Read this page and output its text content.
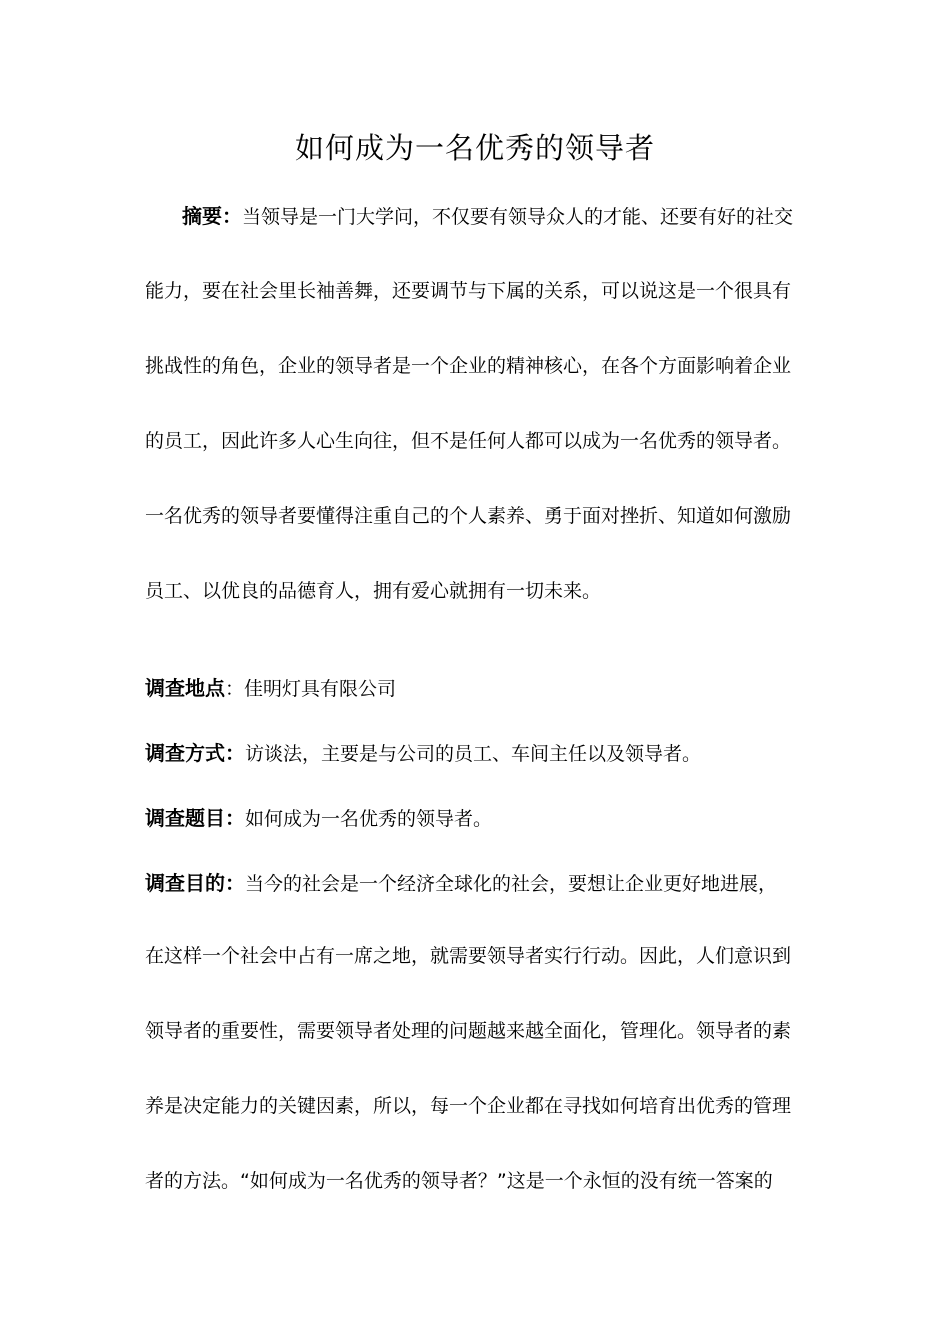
如何成为一名优秀的领导者
摘要：当领导是一门大学问，不仅要有领导众人的才能、还要有好的社交
能力，要在社会里长袖善舞，还要调节与下属的关系，可以说这是一个很具有
挑战性的角色，企业的领导者是一个企业的精神核心，在各个方面影响着企业
的员工，因此许多人心生向往，但不是任何人都可以成为一名优秀的领导者。
一名优秀的领导者要懂得注重自己的个人素养、勇于面对挫折、知道如何激励
员工、以优良的品德育人，拥有爱心就拥有一切未来。
调查地点：佳明灯具有限公司
调查方式：访谈法，主要是与公司的员工、车间主任以及领导者。
调查题目：如何成为一名优秀的领导者。
调查目的：当今的社会是一个经济全球化的社会，要想让企业更好地进展，
在这样一个社会中占有一席之地，就需要领导者实行行动。因此，人们意识到
领导者的重要性，需要领导者处理的问题越来越全面化，管理化。领导者的素
养是决定能力的关键因素，所以，每一个企业都在寻找如何培育出优秀的管理
者的方法。“如何成为一名优秀的领导者？”这是一个永恒的没有统一答案的
